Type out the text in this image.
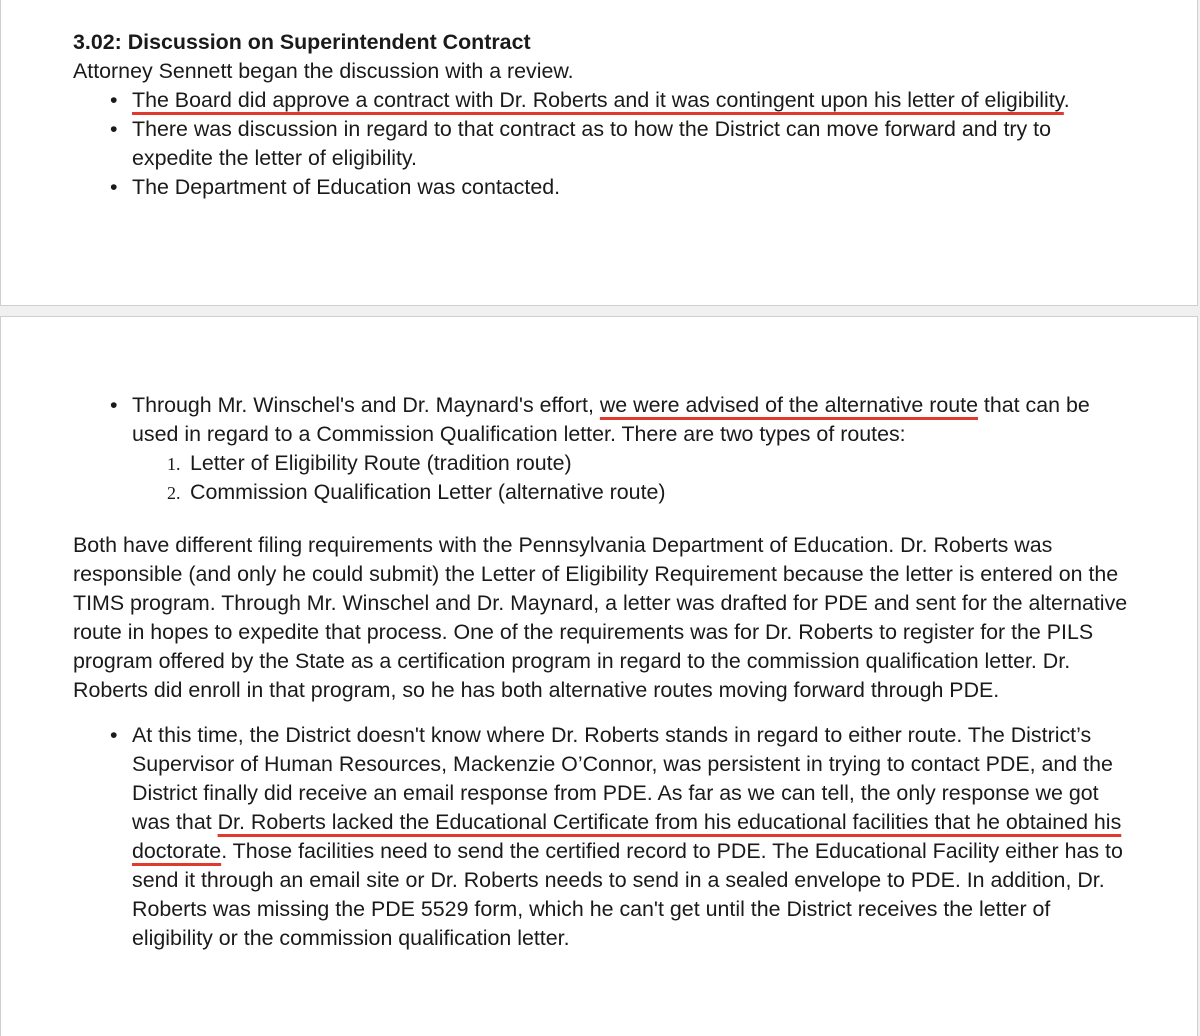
3.02: Discussion on Superintendent Contract

Attorney Sennett began the discussion with a review.

• The Board did approve a contract with Dr. Roberts and it was contingent upon his letter of eligibility.
• There was discussion in regard to that contract as to how the District can move forward and try to expedite the letter of eligibility.
• The Department of Education was contacted.
• Through Mr. Winschel's and Dr. Maynard's effort, we were advised of the alternative route that can be used in regard to a Commission Qualification letter. There are two types of routes:
1. Letter of Eligibility Route (tradition route)
2. Commission Qualification Letter (alternative route)

Both have different filing requirements with the Pennsylvania Department of Education. Dr. Roberts was responsible (and only he could submit) the Letter of Eligibility Requirement because the letter is entered on the TIMS program. Through Mr. Winschel and Dr. Maynard, a letter was drafted for PDE and sent for the alternative route in hopes to expedite that process. One of the requirements was for Dr. Roberts to register for the PILS program offered by the State as a certification program in regard to the commission qualification letter. Dr. Roberts did enroll in that program, so he has both alternative routes moving forward through PDE.

• At this time, the District doesn't know where Dr. Roberts stands in regard to either route. The District’s Supervisor of Human Resources, Mackenzie O’Connor, was persistent in trying to contact PDE, and the District finally did receive an email response from PDE. As far as we can tell, the only response we got was that Dr. Roberts lacked the Educational Certificate from his educational facilities that he obtained his doctorate. Those facilities need to send the certified record to PDE. The Educational Facility either has to send it through an email site or Dr. Roberts needs to send in a sealed envelope to PDE. In addition, Dr. Roberts was missing the PDE 5529 form, which he can't get until the District receives the letter of eligibility or the commission qualification letter.
